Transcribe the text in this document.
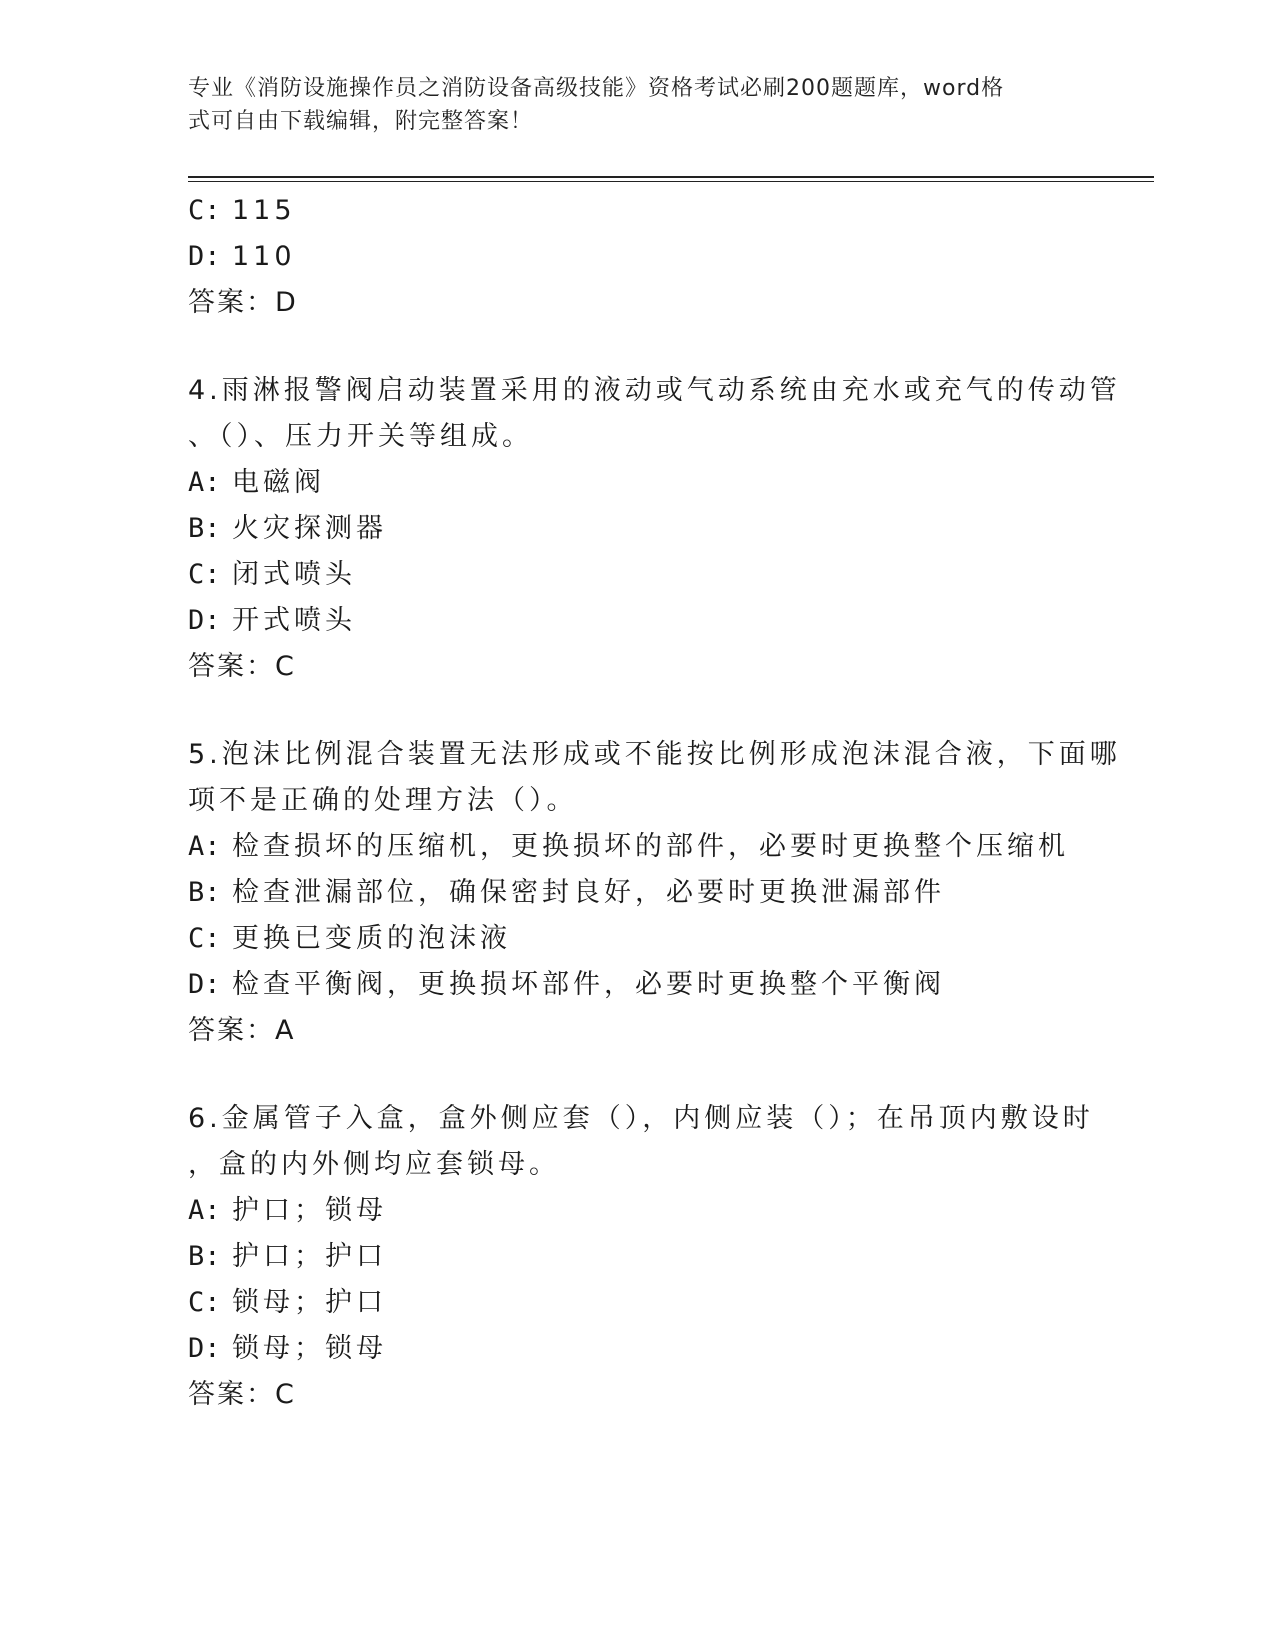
专业《消防设施操作员之消防设备高级技能》资格考试必刷200题题库，word格
式可自由下载编辑，附完整答案！
C: 115
D: 110
答案：D
4.雨淋报警阀启动装置采用的液动或气动系统由充水或充气的传动管
、（）、压力开关等组成。
A: 电磁阀
B: 火灾探测器
C: 闭式喷头
D: 开式喷头
答案：C
5.泡沫比例混合装置无法形成或不能按比例形成泡沫混合液，下面哪
项不是正确的处理方法（）。
A: 检查损坏的压缩机，更换损坏的部件，必要时更换整个压缩机
B: 检查泄漏部位，确保密封良好，必要时更换泄漏部件
C: 更换已变质的泡沫液
D: 检查平衡阀，更换损坏部件，必要时更换整个平衡阀
答案：A
6.金属管子入盒，盒外侧应套（），内侧应装（）；在吊顶内敷设时
，盒的内外侧均应套锁母。
A: 护口；锁母
B: 护口；护口
C: 锁母；护口
D: 锁母；锁母
答案：C
